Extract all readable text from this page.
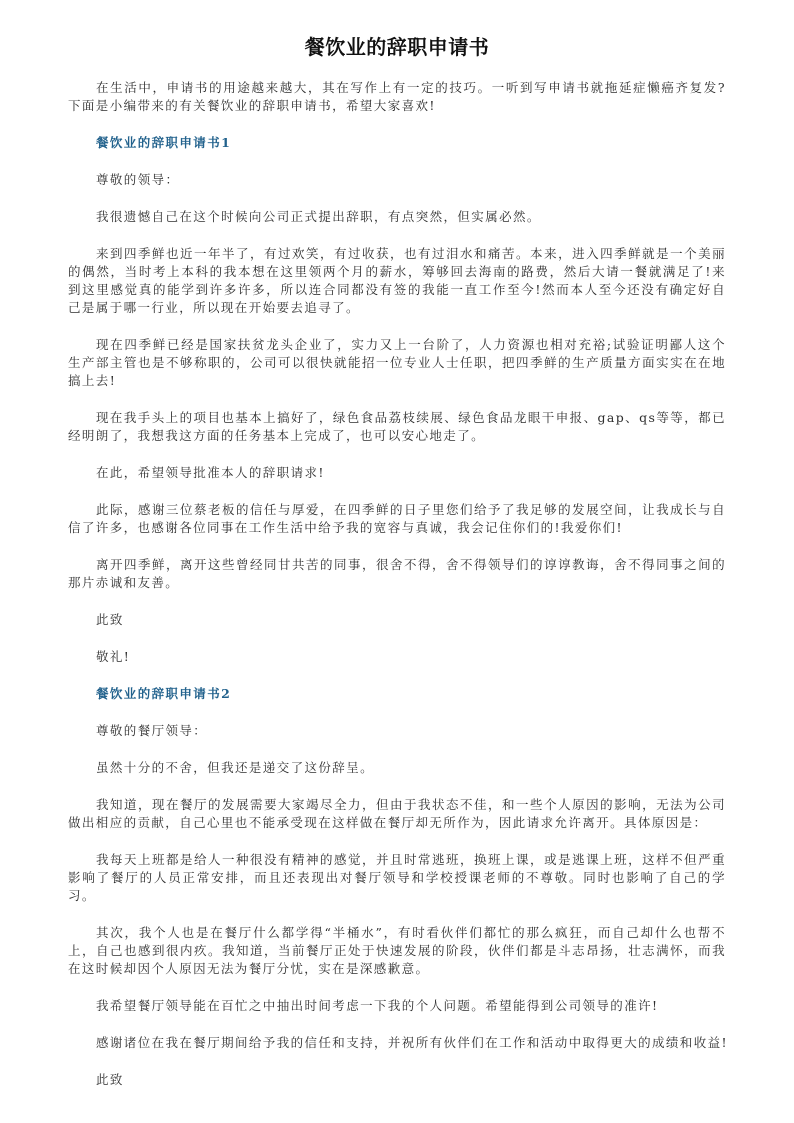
餐饮业的辞职申请书
在生活中，申请书的用途越来越大，其在写作上有一定的技巧。一听到写申请书就拖延症懒癌齐复发?
下面是小编带来的有关餐饮业的辞职申请书，希望大家喜欢!
餐饮业的辞职申请书1
尊敬的领导：
我很遗憾自己在这个时候向公司正式提出辞职，有点突然，但实属必然。
来到四季鲜也近一年半了，有过欢笑，有过收获，也有过泪水和痛苦。本来，进入四季鲜就是一个美丽
的偶然，当时考上本科的我本想在这里领两个月的薪水，筹够回去海南的路费，然后大请一餐就满足了!来
到这里感觉真的能学到许多许多，所以连合同都没有签的我能一直工作至今!然而本人至今还没有确定好自
己是属于哪一行业，所以现在开始要去追寻了。
现在四季鲜已经是国家扶贫龙头企业了，实力又上一台阶了，人力资源也相对充裕;试验证明鄙人这个
生产部主管也是不够称职的，公司可以很快就能招一位专业人士任职，把四季鲜的生产质量方面实实在在地
搞上去!
现在我手头上的项目也基本上搞好了，绿色食品荔枝续展、绿色食品龙眼干申报、gap、qs等等，都已
经明朗了，我想我这方面的任务基本上完成了，也可以安心地走了。
在此，希望领导批准本人的辞职请求!
此际，感谢三位蔡老板的信任与厚爱，在四季鲜的日子里您们给予了我足够的发展空间，让我成长与自
信了许多，也感谢各位同事在工作生活中给予我的宽容与真诚，我会记住你们的!我爱你们!
离开四季鲜，离开这些曾经同甘共苦的同事，很舍不得，舍不得领导们的谆谆教诲，舍不得同事之间的
那片赤诚和友善。
此致
敬礼!
餐饮业的辞职申请书2
尊敬的餐厅领导：
虽然十分的不舍，但我还是递交了这份辞呈。
我知道，现在餐厅的发展需要大家竭尽全力，但由于我状态不佳，和一些个人原因的影响，无法为公司
做出相应的贡献，自己心里也不能承受现在这样做在餐厅却无所作为，因此请求允许离开。具体原因是：
我每天上班都是给人一种很没有精神的感觉，并且时常逃班，换班上课，或是逃课上班，这样不但严重
影响了餐厅的人员正常安排，而且还表现出对餐厅领导和学校授课老师的不尊敬。同时也影响了自己的学
习。
其次，我个人也是在餐厅什么都学得“半桶水”，有时看伙伴们都忙的那么疯狂，而自己却什么也帮不
上，自己也感到很内疚。我知道，当前餐厅正处于快速发展的阶段，伙伴们都是斗志昂扬，壮志满怀，而我
在这时候却因个人原因无法为餐厅分忧，实在是深感歉意。
我希望餐厅领导能在百忙之中抽出时间考虑一下我的个人问题。希望能得到公司领导的准许!
感谢诸位在我在餐厅期间给予我的信任和支持，并祝所有伙伴们在工作和活动中取得更大的成绩和收益!
此致
